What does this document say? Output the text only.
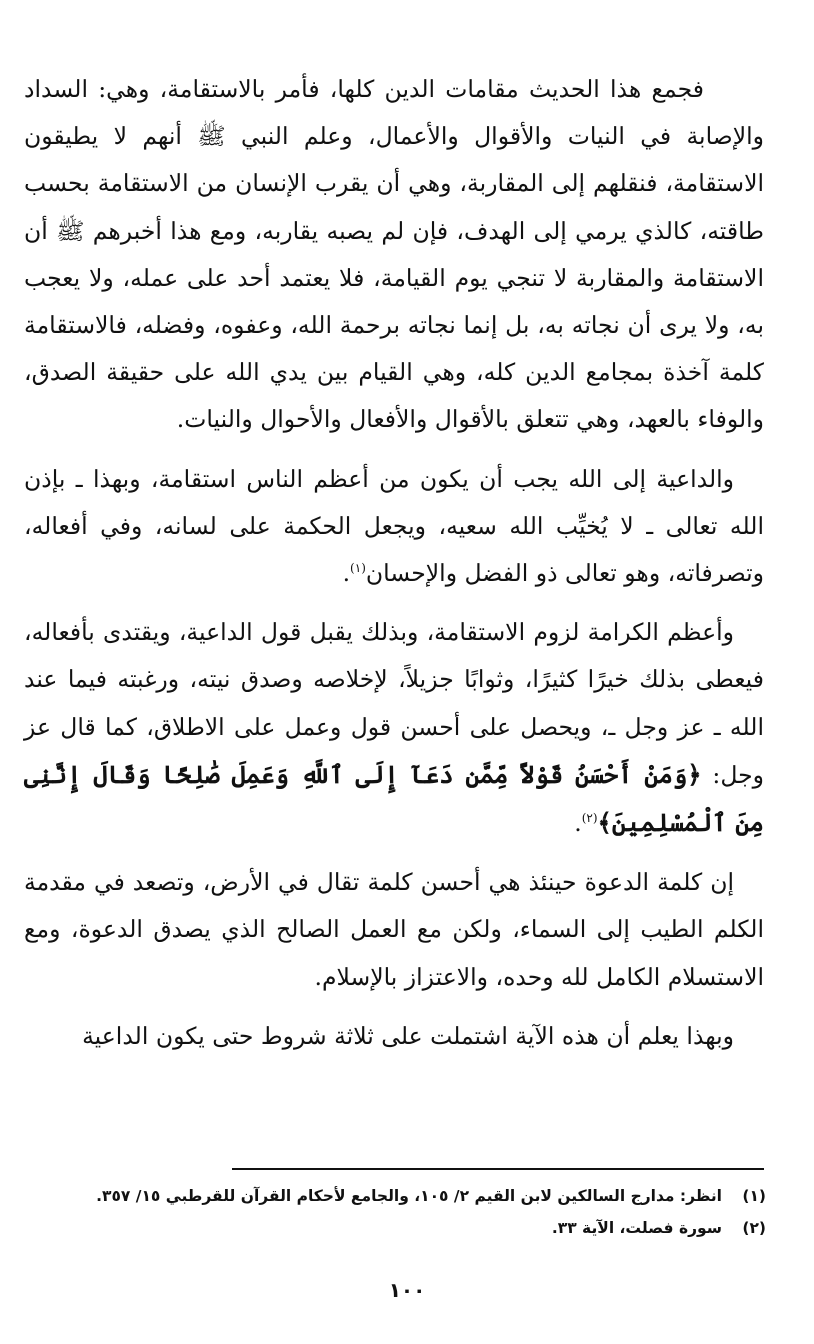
فجمع هذا الحديث مقامات الدين كلها، فأمر بالاستقامة، وهي: السداد والإصابة في النيات والأقوال والأعمال، وعلم النبي ﷺ أنهم لا يطيقون الاستقامة، فنقلهم إلى المقاربة، وهي أن يقرب الإنسان من الاستقامة بحسب طاقته، كالذي يرمي إلى الهدف، فإن لم يصبه يقاربه، ومع هذا أخبرهم ﷺ أن الاستقامة والمقاربة لا تنجي يوم القيامة، فلا يعتمد أحد على عمله، ولا يعجب به، ولا يرى أن نجاته به، بل إنما نجاته برحمة الله، وعفوه، وفضله، فالاستقامة كلمة آخذة بمجامع الدين كله، وهي القيام بين يدي الله على حقيقة الصدق، والوفاء بالعهد، وهي تتعلق بالأقوال والأفعال والأحوال والنيات.

والداعية إلى الله يجب أن يكون من أعظم الناس استقامة، وبهذا ـ بإذن الله تعالى ـ لا يُخيِّب الله سعيه، ويجعل الحكمة على لسانه، وفي أفعاله، وتصرفاته، وهو تعالى ذو الفضل والإحسان$^{(١)}$.

وأعظم الكرامة لزوم الاستقامة، وبذلك يقبل قول الداعية، ويقتدى بأفعاله، فيعطى بذلك خيرًا كثيرًا، وثوابًا جزيلاً، لإخلاصه وصدق نيته، ورغبته فيما عند الله ـ عز وجل ـ، ويحصل على أحسن قول وعمل على الاطلاق، كما قال عز وجل: ﴿وَمَنْ أَحْسَنُ قَوْلاً مِّمَّن دَعَآ إِلَى ٱللَّهِ وَعَمِلَ صَٰلِحًا وَقَالَ إِنَّنِى مِنَ ٱلْمُسْلِمِينَ﴾$^{(٢)}$.

إن كلمة الدعوة حينئذ هي أحسن كلمة تقال في الأرض، وتصعد في مقدمة الكلم الطيب إلى السماء، ولكن مع العمل الصالح الذي يصدق الدعوة، ومع الاستسلام الكامل لله وحده، والاعتزاز بالإسلام.

وبهذا يعلم أن هذه الآية اشتملت على ثلاثة شروط حتى يكون الداعية

(١)
انظر: مدارج السالكين لابن القيم ٢/ ١٠٥، والجامع لأحكام القرآن للقرطبي ١٥/ ٣٥٧.
(٢)
سورة فصلت، الآية ٣٣.
١٠٠
